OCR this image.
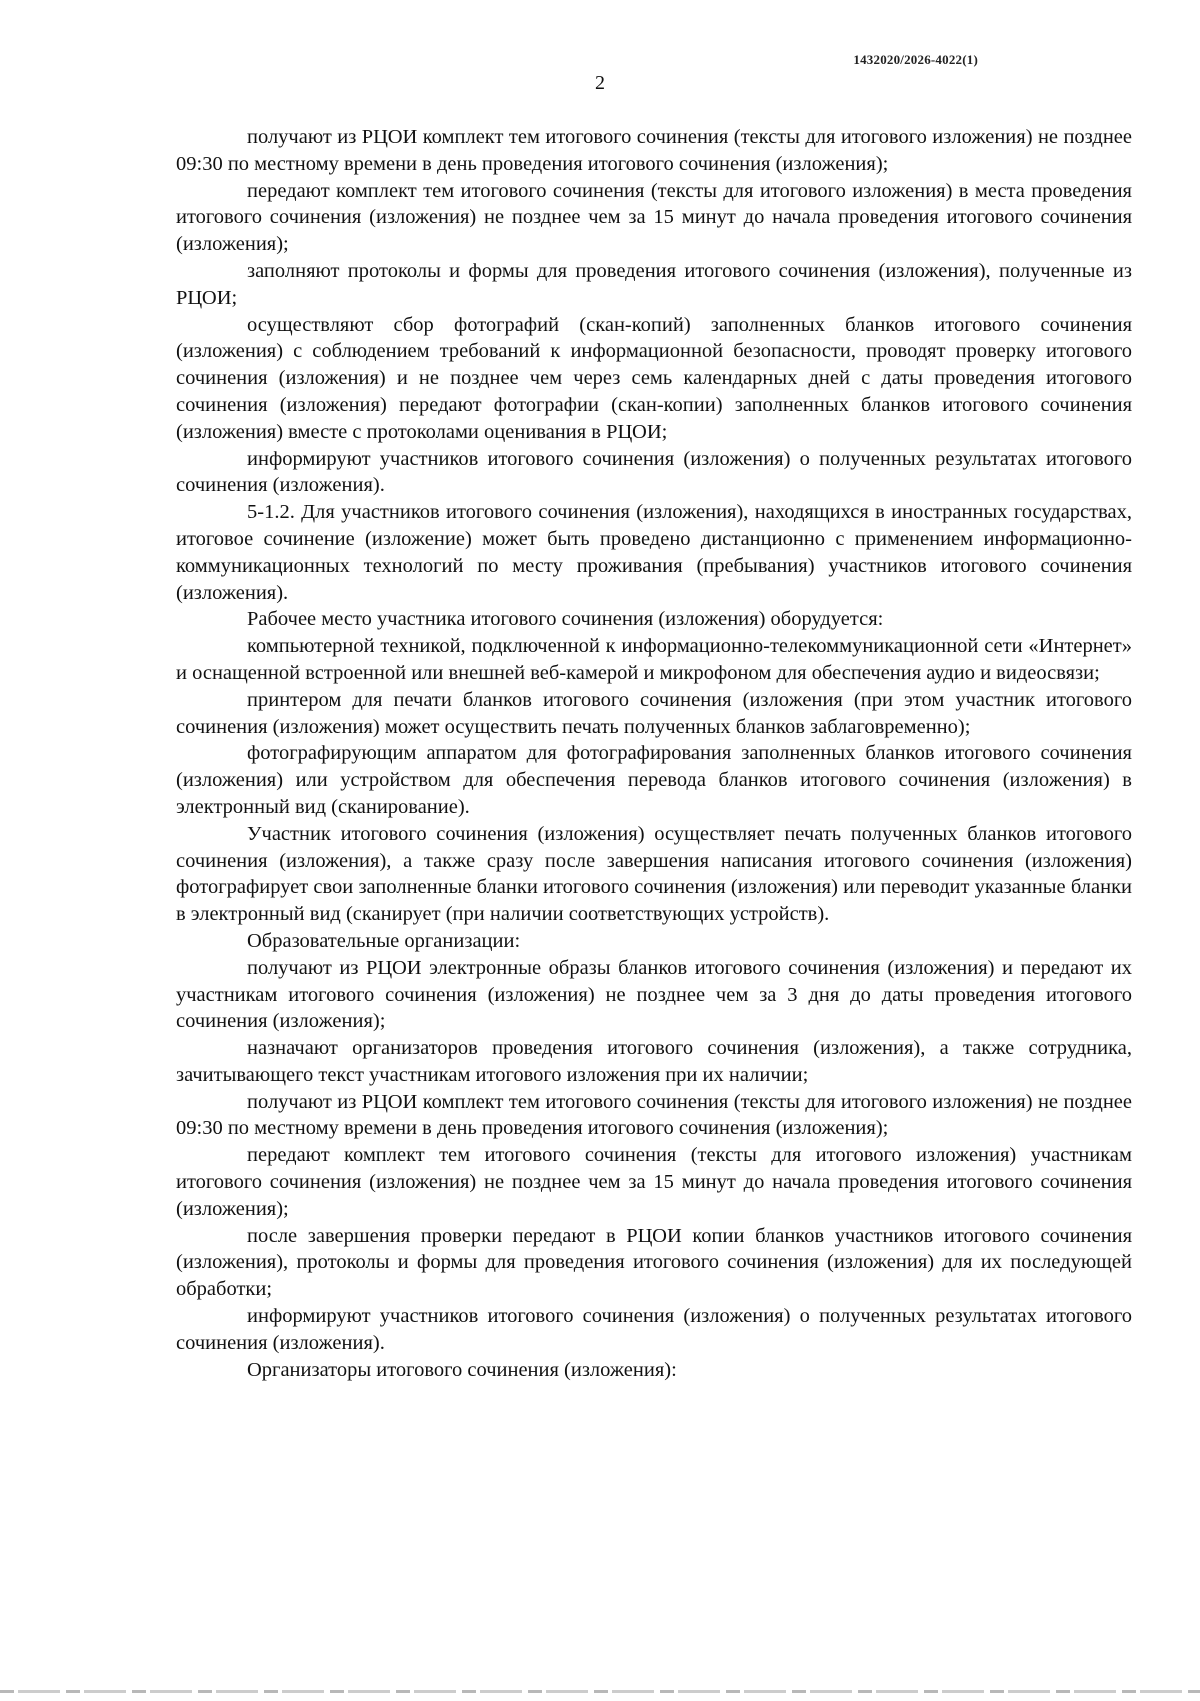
1432020/2026-4022(1)
2

получают из РЦОИ комплект тем итогового сочинения (тексты для итогового изложения) не позднее 09:30 по местному времени в день проведения итогового сочинения (изложения);

передают комплект тем итогового сочинения (тексты для итогового изложения) в места проведения итогового сочинения (изложения) не позднее чем за 15 минут до начала проведения итогового сочинения (изложения);

заполняют протоколы и формы для проведения итогового сочинения (изложения), полученные из РЦОИ;

осуществляют сбор фотографий (скан-копий) заполненных бланков итогового сочинения (изложения) с соблюдением требований к информационной безопасности, проводят проверку итогового сочинения (изложения) и не позднее чем через семь календарных дней с даты проведения итогового сочинения (изложения) передают фотографии (скан-копии) заполненных бланков итогового сочинения (изложения) вместе с протоколами оценивания в РЦОИ;

информируют участников итогового сочинения (изложения) о полученных результатах итогового сочинения (изложения).

5-1.2. Для участников итогового сочинения (изложения), находящихся в иностранных государствах, итоговое сочинение (изложение) может быть проведено дистанционно с применением информационно-коммуникационных технологий по месту проживания (пребывания) участников итогового сочинения (изложения).

Рабочее место участника итогового сочинения (изложения) оборудуется:

компьютерной техникой, подключенной к информационно-телекоммуникационной сети «Интернет» и оснащенной встроенной или внешней веб-камерой и микрофоном для обеспечения аудио и видеосвязи;

принтером для печати бланков итогового сочинения (изложения (при этом участник итогового сочинения (изложения) может осуществить печать полученных бланков заблаговременно);

фотографирующим аппаратом для фотографирования заполненных бланков итогового сочинения (изложения) или устройством для обеспечения перевода бланков итогового сочинения (изложения) в электронный вид (сканирование).

Участник итогового сочинения (изложения) осуществляет печать полученных бланков итогового сочинения (изложения), а также сразу после завершения написания итогового сочинения (изложения) фотографирует свои заполненные бланки итогового сочинения (изложения) или переводит указанные бланки в электронный вид (сканирует (при наличии соответствующих устройств).

Образовательные организации:

получают из РЦОИ электронные образы бланков итогового сочинения (изложения) и передают их участникам итогового сочинения (изложения) не позднее чем за 3 дня до даты проведения итогового сочинения (изложения);

назначают организаторов проведения итогового сочинения (изложения), а также сотрудника, зачитывающего текст участникам итогового изложения при их наличии;

получают из РЦОИ комплект тем итогового сочинения (тексты для итогового изложения) не позднее 09:30 по местному времени в день проведения итогового сочинения (изложения);

передают комплект тем итогового сочинения (тексты для итогового изложения) участникам итогового сочинения (изложения) не позднее чем за 15 минут до начала проведения итогового сочинения (изложения);

после завершения проверки передают в РЦОИ копии бланков участников итогового сочинения (изложения), протоколы и формы для проведения итогового сочинения (изложения) для их последующей обработки;

информируют участников итогового сочинения (изложения) о полученных результатах итогового сочинения (изложения).

Организаторы итогового сочинения (изложения):
